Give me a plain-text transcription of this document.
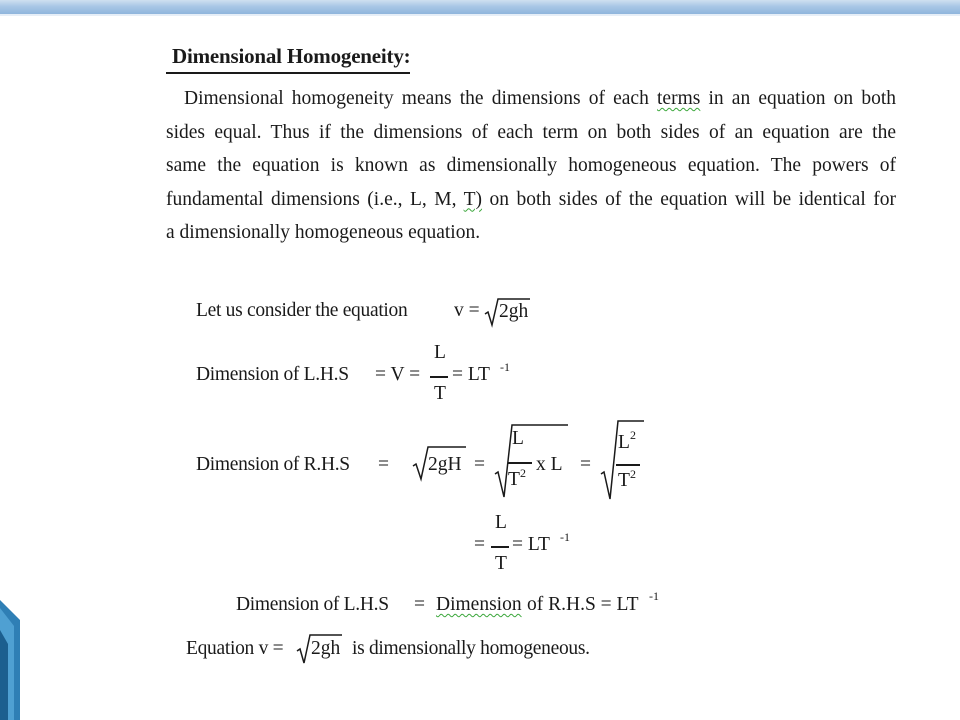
Dimensional Homogeneity:
Dimensional homogeneity means the dimensions of each terms in an equation on both
sides equal. Thus if the dimensions of each term on both sides of an equation are the
same the equation is known as dimensionally homogeneous equation. The powers of
fundamental dimensions (i.e., L, M, T) on both sides of the equation will be identical for
a dimensionally homogeneous equation.
Let us consider the equation v = 2gh
Dimension of L.H.S = V =
L
T
= LT -1
Dimension of R.H.S = 2gH =
L
T 2 x L =
L 2
T 2
=
L
T
= LT -1
Dimension of L.H.S = Dimension of R.H.S = LT -1
Equation v = 2gh is dimensionally homogeneous.
